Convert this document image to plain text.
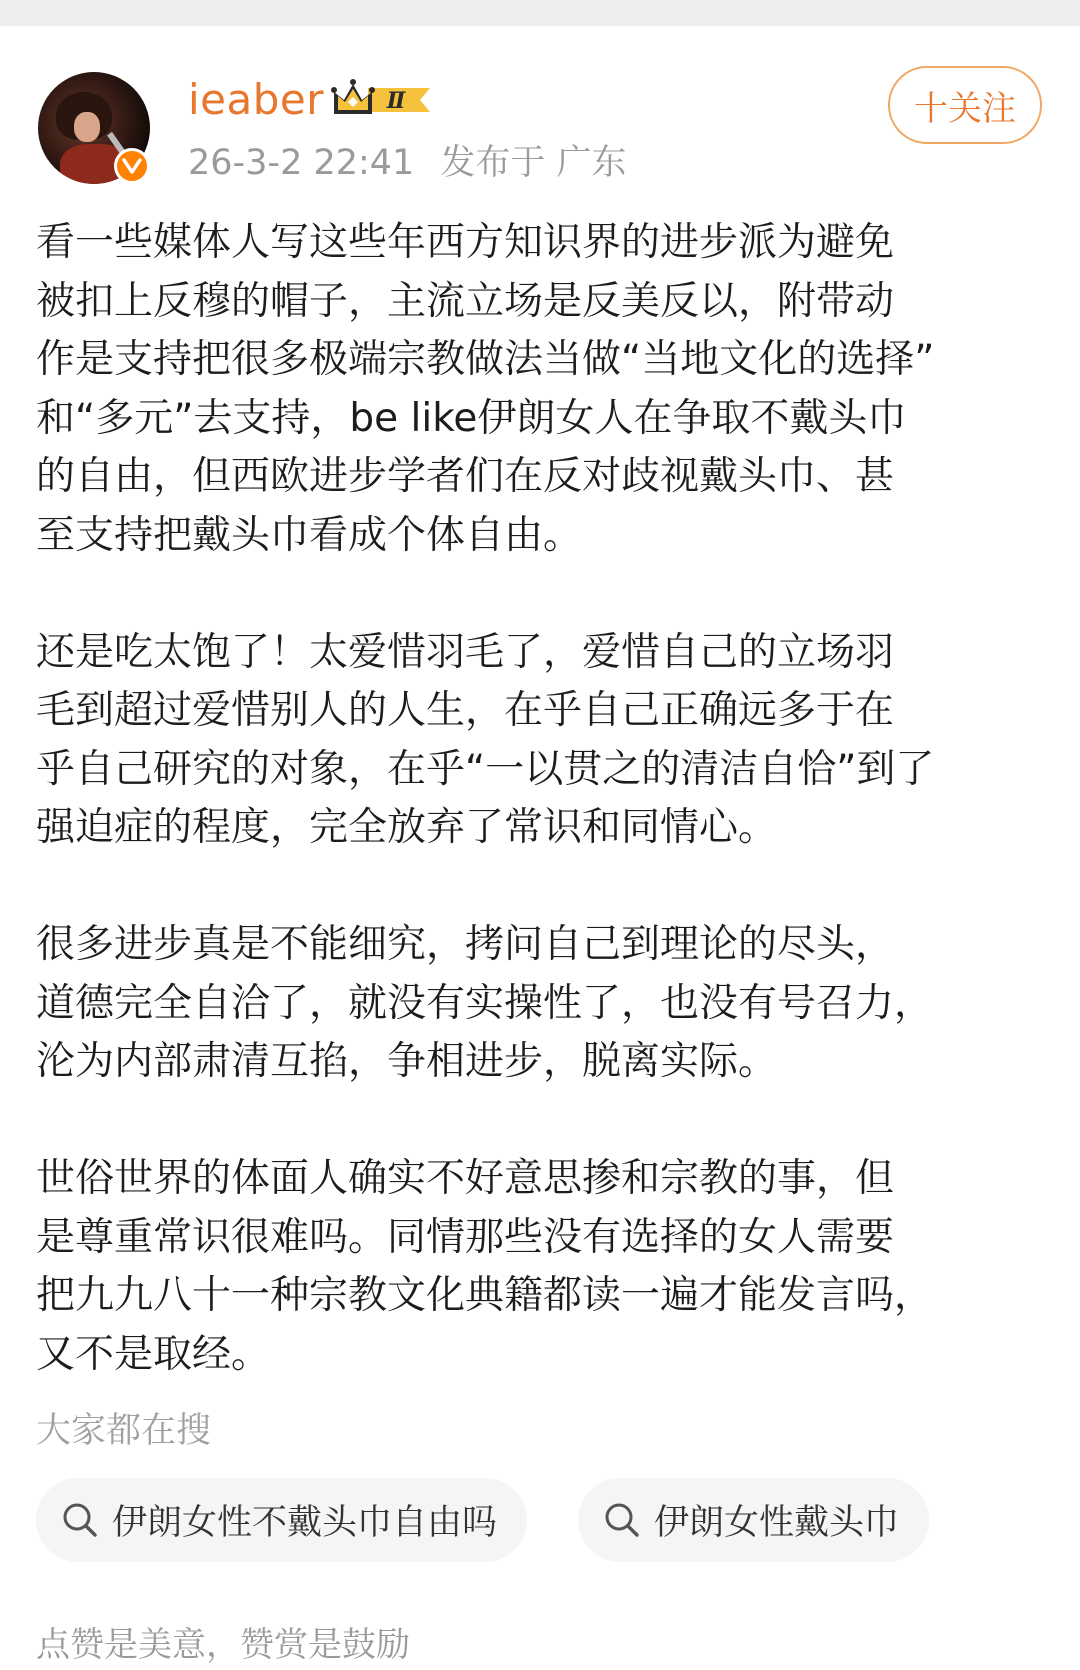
ieaber	Ⅱ
26-3-2 22:41 发布于 广东
十关注
看一些媒体人写这些年西方知识界的进步派为避免
被扣上反穆的帽子，主流立场是反美反以，附带动
作是支持把很多极端宗教做法当做“当地文化的选择”
和“多元”去支持，be like伊朗女人在争取不戴头巾
的自由，但西欧进步学者们在反对歧视戴头巾、甚
至支持把戴头巾看成个体自由。
还是吃太饱了！太爱惜羽毛了，爱惜自己的立场羽
毛到超过爱惜别人的人生，在乎自己正确远多于在
乎自己研究的对象，在乎“一以贯之的清洁自恰”到了
强迫症的程度，完全放弃了常识和同情心。
很多进步真是不能细究，拷问自己到理论的尽头，
道德完全自洽了，就没有实操性了，也没有号召力，
沦为内部肃清互掐，争相进步，脱离实际。
世俗世界的体面人确实不好意思掺和宗教的事，但
是尊重常识很难吗。同情那些没有选择的女人需要
把九九八十一种宗教文化典籍都读一遍才能发言吗，
又不是取经。
大家都在搜
伊朗女性不戴头巾自由吗	伊朗女性戴头巾
点赞是美意，赞赏是鼓励
